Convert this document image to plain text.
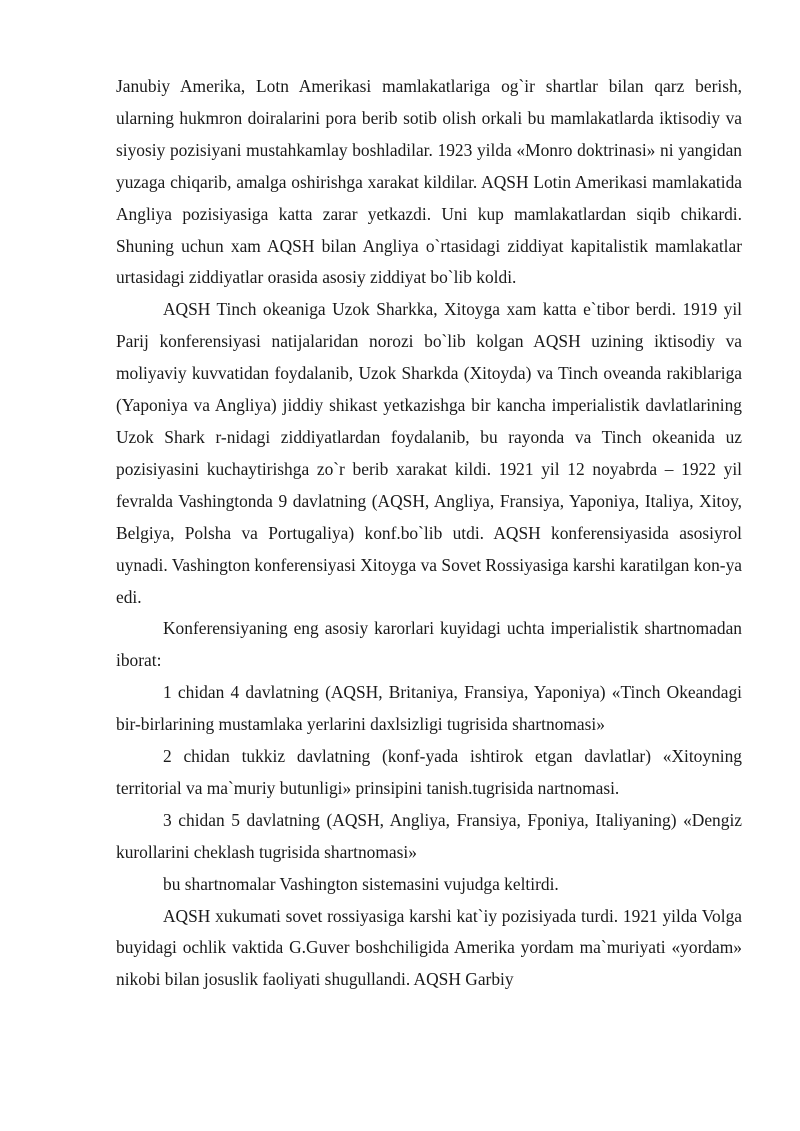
Janubiy Amerika, Lotn Amerikasi mamlakatlariga og`ir shartlar bilan qarz berish, ularning hukmron doiralarini pora berib sotib olish orkali bu mamlakatlarda iktisodiy va siyosiy pozisiyani mustahkamlay boshladilar. 1923 yilda «Monro doktrinasi» ni yangidan yuzaga chiqarib, amalga oshirishga xarakat kildilar. AQSH Lotin Amerikasi mamlakatida Angliya pozisiyasiga katta zarar yetkazdi. Uni kup mamlakatlardan siqib chikardi. Shuning uchun xam AQSH bilan Angliya o`rtasidagi ziddiyat kapitalistik mamlakatlar urtasidagi ziddiyatlar orasida asosiy ziddiyat bo`lib koldi.

AQSH Tinch okeaniga Uzok Sharkka, Xitoyga xam katta e`tibor berdi. 1919 yil Parij konferensiyasi natijalaridan norozi bo`lib kolgan AQSH uzining iktisodiy va moliyaviy kuvvatidan foydalanib, Uzok Sharkda (Xitoyda) va Tinch oveanda rakiblariga (Yaponiya va Angliya) jiddiy shikast yetkazishga bir kancha imperialistik davlatlarining Uzok Shark r-nidagi ziddiyatlardan foydalanib, bu rayonda va Tinch okeanida uz pozisiyasini kuchaytirishga zo`r berib xarakat kildi. 1921 yil 12 noyabrda – 1922 yil fevralda Vashingtonda 9 davlatning (AQSH, Angliya, Fransiya, Yaponiya, Italiya, Xitoy, Belgiya, Polsha va Portugaliya) konf.bo`lib utdi. AQSH konferensiyasida asosiyrol uynadi. Vashington konferensiyasi Xitoyga va Sovet Rossiyasiga karshi karatilgan kon-ya edi.

Konferensiyaning eng asosiy karorlari kuyidagi uchta imperialistik shartnomadan iborat:

1 chidan 4 davlatning (AQSH, Britaniya, Fransiya, Yaponiya) «Tinch Okeandagi bir-birlarining mustamlaka yerlarini daxlsizligi tugrisida shartnomasi»

2 chidan tukkiz davlatning (konf-yada ishtirok etgan davlatlar) «Xitoyning territorial va ma`muriy butunligi» prinsipini tanish.tugrisida nartnomasi.

3 chidan 5 davlatning (AQSH, Angliya, Fransiya, Fponiya, Italiyaning) «Dengiz kurollarini cheklash tugrisida shartnomasi»

bu shartnomalar Vashington sistemasini vujudga keltirdi.

AQSH xukumati sovet rossiyasiga karshi kat`iy pozisiyada turdi. 1921 yilda Volga buyidagi ochlik vaktida G.Guver boshchiligida Amerika yordam ma`muriyati «yordam» nikobi bilan josuslik faoliyati shugullandi. AQSH Garbiy
